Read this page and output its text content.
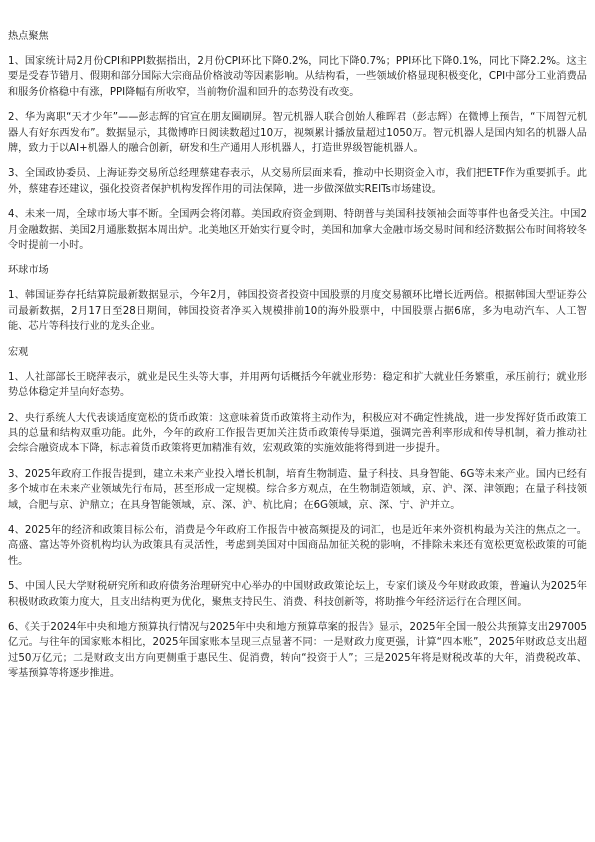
热点聚焦

1、国家统计局2月份CPI和PPI数据指出，2月份CPI环比下降0.2%，同比下降0.7%；PPI环比下降0.1%，同比下降2.2%。这主要是受春节错月、假期和部分国际大宗商品价格波动等因素影响。从结构看，一些领域价格显现积极变化，CPI中部分工业消费品和服务价格稳中有涨，PPI降幅有所收窄，当前物价温和回升的态势没有改变。

2、华为离职“天才少年”——彭志辉的官宣在朋友圈刷屏。智元机器人联合创始人稚晖君（彭志辉）在微博上预告，“下周智元机器人有好东西发布”。数据显示，其微博昨日阅读数超过10万，视频累计播放量超过1050万。智元机器人是国内知名的机器人品牌，致力于以AI+机器人的融合创新，研发和生产通用人形机器人，打造世界级智能机器人。

3、全国政协委员、上海证券交易所总经理蔡建春表示，从交易所层面来看，推动中长期资金入市，我们把ETF作为重要抓手。此外，蔡建春还建议，强化投资者保护机构发挥作用的司法保障，进一步做深做实REITs市场建设。

4、未来一周，全球市场大事不断。全国两会将闭幕。美国政府资金到期、特朗普与美国科技领袖会面等事件也备受关注。中国2月金融数据、美国2月通胀数据本周出炉。北美地区开始实行夏令时，美国和加拿大金融市场交易时间和经济数据公布时间将较冬令时提前一小时。

环球市场

1、韩国证券存托结算院最新数据显示，今年2月，韩国投资者投资中国股票的月度交易额环比增长近两倍。根据韩国大型证券公司最新数据，2月17日至28日期间，韩国投资者净买入规模排前10的海外股票中，中国股票占据6席，多为电动汽车、人工智能、芯片等科技行业的龙头企业。

宏观

1、人社部部长王晓萍表示，就业是民生头等大事，并用两句话概括今年就业形势：稳定和扩大就业任务繁重，承压前行；就业形势总体稳定并呈向好态势。

2、央行系统人大代表谈适度宽松的货币政策：这意味着货币政策将主动作为，积极应对不确定性挑战，进一步发挥好货币政策工具的总量和结构双重功能。此外，今年的政府工作报告更加关注货币政策传导渠道，强调完善利率形成和传导机制，着力推动社会综合融资成本下降，标志着货币政策将更加精准有效，宏观政策的实施效能将得到进一步提升。

3、2025年政府工作报告提到，建立未来产业投入增长机制，培育生物制造、量子科技、具身智能、6G等未来产业。国内已经有多个城市在未来产业领域先行布局，甚至形成一定规模。综合多方观点，在生物制造领域，京、沪、深、津领跑；在量子科技领域，合肥与京、沪鼎立；在具身智能领域，京、深、沪、杭比肩；在6G领域，京、深、宁、沪并立。

4、2025年的经济和政策目标公布，消费是今年政府工作报告中被高频提及的词汇，也是近年来外资机构最为关注的焦点之一。高盛、富达等外资机构均认为政策具有灵活性，考虑到美国对中国商品加征关税的影响，不排除未来还有宽松更宽松政策的可能性。

5、中国人民大学财税研究所和政府债务治理研究中心举办的中国财政政策论坛上，专家们谈及今年财政政策，普遍认为2025年积极财政政策力度大，且支出结构更为优化，聚焦支持民生、消费、科技创新等，将助推今年经济运行在合理区间。

6、《关于2024年中央和地方预算执行情况与2025年中央和地方预算草案的报告》显示，2025年全国一般公共预算支出297005亿元。与往年的国家账本相比，2025年国家账本呈现三点显著不同：一是财政力度更强，计算“四本账”，2025年财政总支出超过50万亿元；二是财政支出方向更侧重于惠民生、促消费，转向“投资于人”；三是2025年将是财税改革的大年，消费税改革、零基预算等将逐步推进。
